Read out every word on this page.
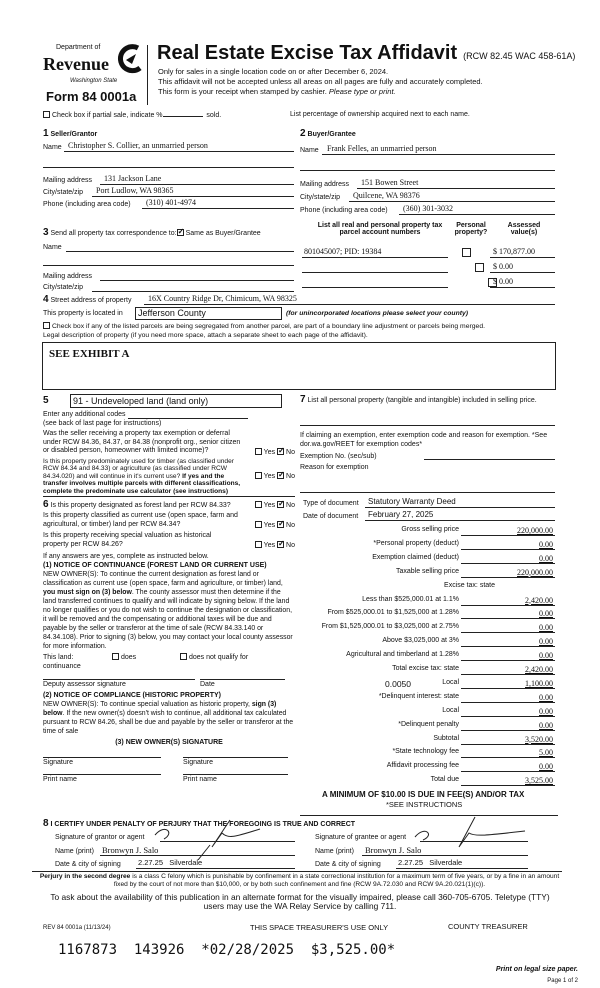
Department of
Revenue
Washington State
Form 84 0001a
Real Estate Excise Tax Affidavit (RCW 82.45 WAC 458-61A)
Only for sales in a single location code on or after December 6, 2024.
This affidavit will not be accepted unless all areas on all pages are fully and accurately completed.
This form is your receipt when stamped by cashier. Please type or print.
Check box if partial sale, indicate %	sold.	List percentage of ownership acquired next to each name.
1 Seller/Grantor
Name Christopher S. Collier, an unmarried person
Mailing address 131 Jackson Lane
City/state/zip Port Ludlow, WA 98365
Phone (including area code) (310) 401-4974
2 Buyer/Grantee
Name Frank Felles, an unmarried person
Mailing address 151 Bowen Street
City/state/zip Quilcene, WA 98376
Phone (including area code) (360) 301-3032
3 Send all property tax correspondence to: ✓ Same as Buyer/Grantee
Name
Mailing address
City/state/zip
List all real and personal property tax
parcel account numbers
Personal
property?
Assessed
value(s)
801045007; PID: 19384
	$ 170,877.00

$ 0.00
$ 0.00
4 Street address of property 16X Country Ridge Dr, Chimicum, WA 98325
This property is located in	Jefferson County	(for unincorporated locations please select your county)
Check box if any of the listed parcels are being segregated from another parcel, are part of a boundary line adjustment or parcels being merged.
Legal description of property (if you need more space, attach a separate sheet to each page of the affidavit).
SEE EXHIBIT A
5	91 - Undeveloped land (land only)
Enter any additional codes
(see back of last page for instructions)
Was the seller receiving a property tax exemption or deferral under RCW 84.36, 84.37, or 84.38 (nonprofit org., senior citizen or disabled person, homeowner with limited income)?	Yes ✓ No
Is this property predominately used for timber (as classified under RCW 84.34 and 84.33) or agriculture (as classified under RCW 84.34.020) and will continue in it's current use? If yes and the transfer involves multiple parcels with different classifications, complete the predominate use calculator (see instructions)
Yes ✓ No
6 Is this property designated as forest land per RCW 84.33?	Yes ✓ No
Is this property classified as current use (open space, farm and agricultural, or timber) land per RCW 84.34?	Yes ✓ No
Is this property receiving special valuation as historical property per RCW 84.26?	Yes ✓ No
If any answers are yes, complete as instructed below.
(1) NOTICE OF CONTINUANCE (FOREST LAND OR CURRENT USE)
NEW OWNER(S): To continue the current designation as forest land or classification as current use (open space, farm and agriculture, or timber) land, you must sign on (3) below. The county assessor must then determine if the land transferred continues to qualify and will indicate by signing below. If the land no longer qualifies or you do not wish to continue the designation or classification, it will be removed and the compensating or additional taxes will be due and payable by the seller or transferor at the time of sale (RCW 84.33.140 or 84.34.108). Prior to signing (3) below, you may contact your local county assessor for more information.
This land:
continuance
does	does not qualify for
Deputy assessor signature	Date
(2) NOTICE OF COMPLIANCE (HISTORIC PROPERTY)
NEW OWNER(S): To continue special valuation as historic property, sign (3) below. If the new owner(s) doesn't wish to continue, all additional tax calculated pursuant to RCW 84.26, shall be due and payable by the seller or transferor at the time of sale
(3) NEW OWNER(S) SIGNATURE
Signature	Signature
Print name	Print name
7 List all personal property (tangible and intangible) included in selling price.
If claiming an exemption, enter exemption code and reason for exemption. *See dor.wa.gov/REET for exemption codes*
Exemption No. (sec/sub)
Reason for exemption
Type of document Statutory Warranty Deed
Date of document February 27, 2025
Gross selling price	220,000.00
*Personal property (deduct)	0.00
Exemption claimed (deduct)	0.00
Taxable selling price	220,000.00
Excise tax: state
Less than $525,000.01 at 1.1%	2,420.00
From $525,000.01 to $1,525,000 at 1.28%	0.00
From $1,525,000.01 to $3,025,000 at 2.75%	0.00
Above $3,025,000 at 3%	0.00
Agricultural and timberland at 1.28%	0.00
Total excise tax: state	2,420.00
Local	1,100.00
*Delinquent interest: state	0.00
Local	0.00
*Delinquent penalty	0.00
Subtotal	3,520.00
*State technology fee	5.00
Affidavit processing fee	0.00
Total due	3,525.00
0.0050
A MINIMUM OF $10.00 IS DUE IN FEE(S) AND/OR TAX
*SEE INSTRUCTIONS
8 I CERTIFY UNDER PENALTY OF PERJURY THAT THE FOREGOING IS TRUE AND CORRECT
Signature of grantor or agent
Name (print) Bronwyn J. Salo
Date & city of signing 2.27.25   Silverdale
Signature of grantee or agent
Name (print) Bronwyn J. Salo
Date & city of signing 2.27.25   Silverdale
Perjury in the second degree is a class C felony which is punishable by confinement in a state correctional institution for a maximum term of five years, or by a fine in an amount fixed by the court of not more than $10,000, or by both such confinement and fine (RCW 9A.72.030 and RCW 9A.20.021(1)(c)).
To ask about the availability of this publication in an alternate format for the visually impaired, please call 360-705-6705. Teletype (TTY) users may use the WA Relay Service by calling 711.
REV 84 0001a (11/13/24)	THIS SPACE TREASURER'S USE ONLY	COUNTY TREASURER
1167873  143926  *02/28/2025  $3,525.00*
Print on legal size paper.
Page 1 of 2
